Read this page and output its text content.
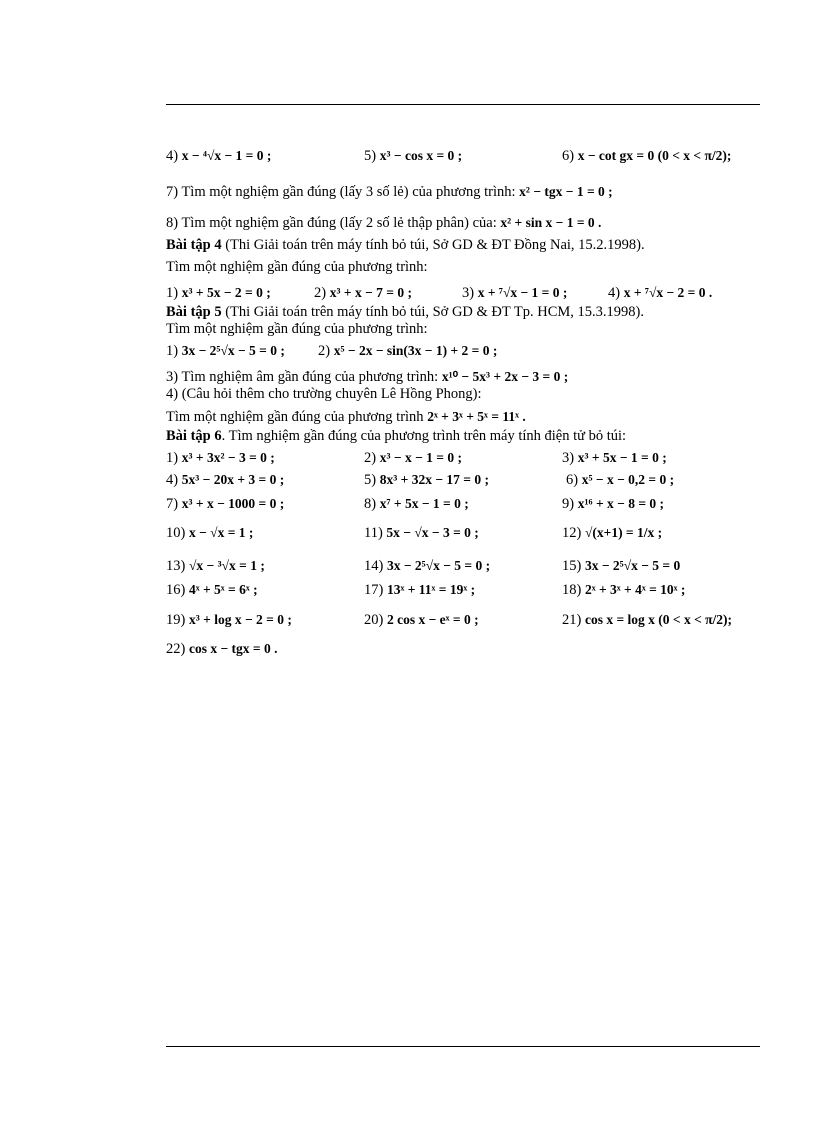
4) x − ⁴√x − 1 = 0 ;	5) x³ − cos x = 0 ;	6) x − cot gx = 0 (0 < x < π/2);
7) Tìm một nghiệm gần đúng (lấy 3 số lẻ) của phương trình: x² − tgx − 1 = 0 ;
8) Tìm một nghiệm gần đúng (lấy 2 số lẻ thập phân) của: x² + sin x − 1 = 0 .
Bài tập 4 (Thi Giải toán trên máy tính bỏ túi, Sở GD & ĐT Đồng Nai, 15.2.1998).
Tìm một nghiệm gần đúng của phương trình:
1) x³ + 5x − 2 = 0 ;	2) x³ + x − 7 = 0 ;	3) x + ⁷√x − 1 = 0 ;	4) x + ⁷√x − 2 = 0 .
Bài tập 5 (Thi Giải toán trên máy tính bỏ túi, Sở GD & ĐT Tp. HCM, 15.3.1998).
Tìm một nghiệm gần đúng của phương trình:
1) 3x − 2⁵√x − 5 = 0 ; 2) x⁵ − 2x − sin(3x − 1) + 2 = 0 ;
3) Tìm nghiệm âm gần đúng của phương trình: x¹⁰ − 5x³ + 2x − 3 = 0 ;
4) (Câu hỏi thêm cho trường chuyên Lê Hồng Phong):
Tìm một nghiệm gần đúng của phương trình 2ˣ + 3ˣ + 5ˣ = 11ˣ .
Bài tập 6. Tìm nghiệm gần đúng của phương trình trên máy tính điện tử bỏ túi:
1) x³ + 3x² − 3 = 0 ;	2) x³ − x − 1 = 0 ;	3) x³ + 5x − 1 = 0 ;
4) 5x³ − 20x + 3 = 0 ;	5) 8x³ + 32x − 17 = 0 ;	6) x⁵ − x − 0,2 = 0 ;
7) x³ + x − 1000 = 0 ;	8) x⁷ + 5x − 1 = 0 ;	9) x¹⁶ + x − 8 = 0 ;
10) x − √x = 1 ;	11) 5x − √x − 3 = 0 ;	12) √(x+1) = 1/x ;
13) √x − ³√x = 1 ;	14) 3x − 2⁵√x − 5 = 0 ;	15) 3x − 2⁵√x − 5 = 0
16) 4ˣ + 5ˣ = 6ˣ ;	17) 13ˣ + 11ˣ = 19ˣ ;	18) 2ˣ + 3ˣ + 4ˣ = 10ˣ ;
19) x³ + log x − 2 = 0 ;	20) 2 cos x − eˣ = 0 ;	21) cos x = log x (0 < x < π/2);
22) cos x − tgx = 0 .
